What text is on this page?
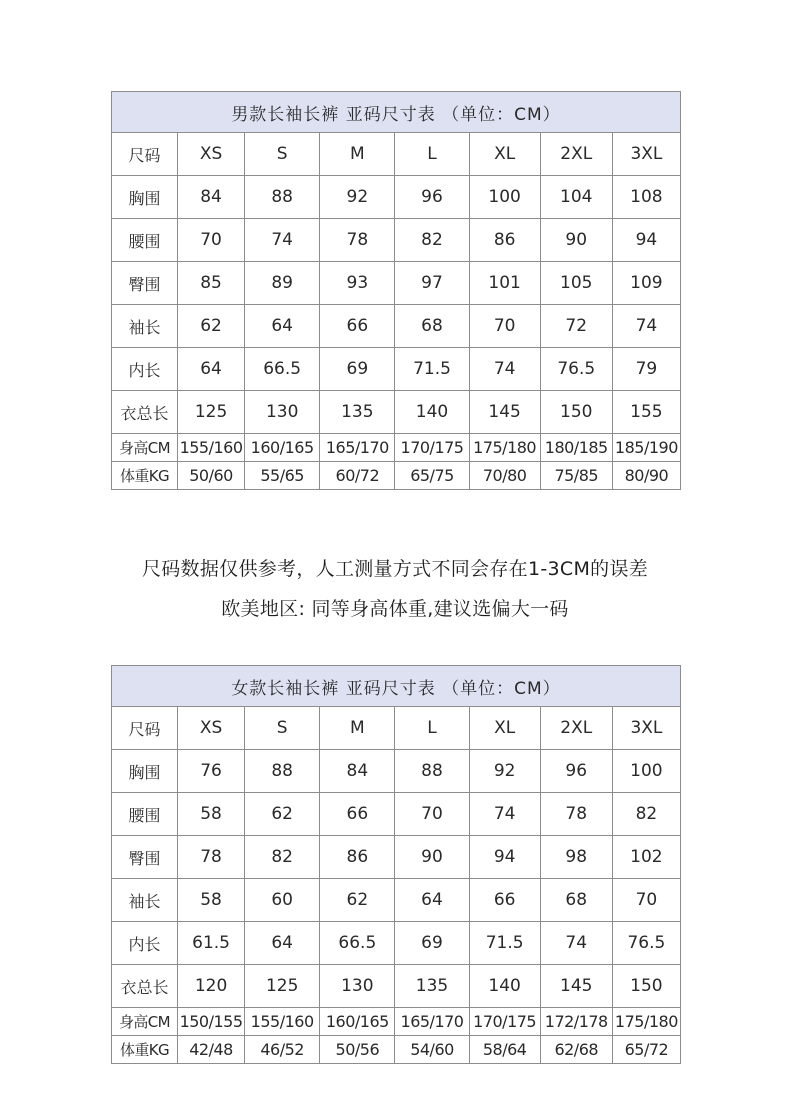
男款长袖长裤 亚码尺寸表 （单位：CM）							
尺码	XS	S	M	L	XL	2XL	3XL
胸围	84	88	92	96	100	104	108
腰围	70	74	78	82	86	90	94
臀围	85	89	93	97	101	105	109
袖长	62	64	66	68	70	72	74
内长	64	66.5	69	71.5	74	76.5	79
衣总长	125	130	135	140	145	150	155
身高CM	155/160	160/165	165/170	170/175	175/180	180/185	185/190
体重KG	50/60	55/65	60/72	65/75	70/80	75/85	80/90
尺码数据仅供参考，人工测量方式不同会存在1-3CM的误差
欧美地区: 同等身高体重,建议选偏大一码
女款长袖长裤 亚码尺寸表 （单位：CM）							
尺码	XS	S	M	L	XL	2XL	3XL
胸围	76	88	84	88	92	96	100
腰围	58	62	66	70	74	78	82
臀围	78	82	86	90	94	98	102
袖长	58	60	62	64	66	68	70
内长	61.5	64	66.5	69	71.5	74	76.5
衣总长	120	125	130	135	140	145	150
身高CM	150/155	155/160	160/165	165/170	170/175	172/178	175/180
体重KG	42/48	46/52	50/56	54/60	58/64	62/68	65/72
